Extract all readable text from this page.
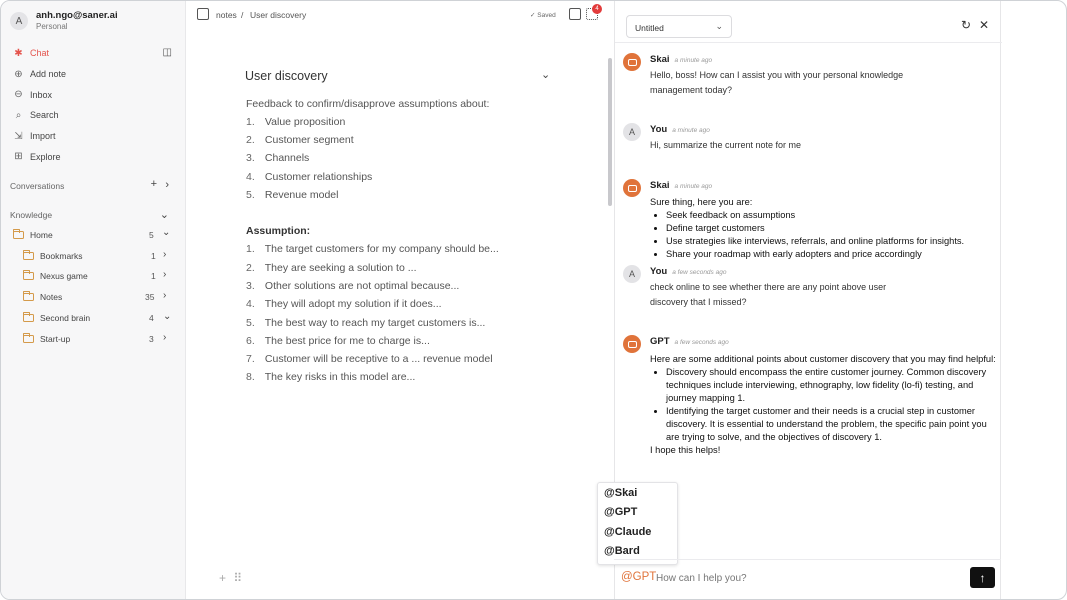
A	anh.ngo@saner.ai
Personal
✱ Chat	◫
⊕ Add note
⊖ Inbox
⌕ Search
⇲ Import
⊞ Explore
Conversations	+ ›
Knowledge	⌄
Home	5 ⌄
Bookmarks	1 ›
Nexus game	1 ›
Notes	35 ›
Second brain	4 ⌄
Start-up	3 ›
notes / User discovery	✓ Saved
4
User discovery	⌄
Feedback to confirm/disapprove assumptions about:
1. Value proposition
2. Customer segment
3. Channels
4. Customer relationships
5. Revenue model
Assumption:
1. The target customers for my company should be...
2. They are seeking a solution to ...
3. Other solutions are not optimal because...
4. They will adopt my solution if it does...
5. The best way to reach my target customers is...
6. The best price for me to charge is...
7. Customer will be receptive to a ... revenue model
8. The key risks in this model are...
+ ⠿
Untitled	⌄	↻ ✕
Skai a minute ago
Hello, boss! How can I assist you with your personal knowledge management today?
A	You a minute ago
Hi, summarize the current note for me
Skai a minute ago
Sure thing, here you are:
• Seek feedback on assumptions
• Define target customers
• Use strategies like interviews, referrals, and online platforms for insights.
• Share your roadmap with early adopters and price accordingly
A	You a few seconds ago
check online to see whether there are any point above user discovery that I missed?
GPT a few seconds ago
Here are some additional points about customer discovery that you may find helpful:
• Discovery should encompass the entire customer journey. Common discovery techniques include interviewing, ethnography, low fidelity (lo-fi) testing, and journey mapping 1.
• Identifying the target customer and their needs is a crucial step in customer discovery. It is essential to understand the problem, the specific pain point you are trying to solve, and the objectives of discovery 1.
I hope this helps!
@Skai
@GPT
@Claude
@Bard
@GPT How can I help you?	↑
